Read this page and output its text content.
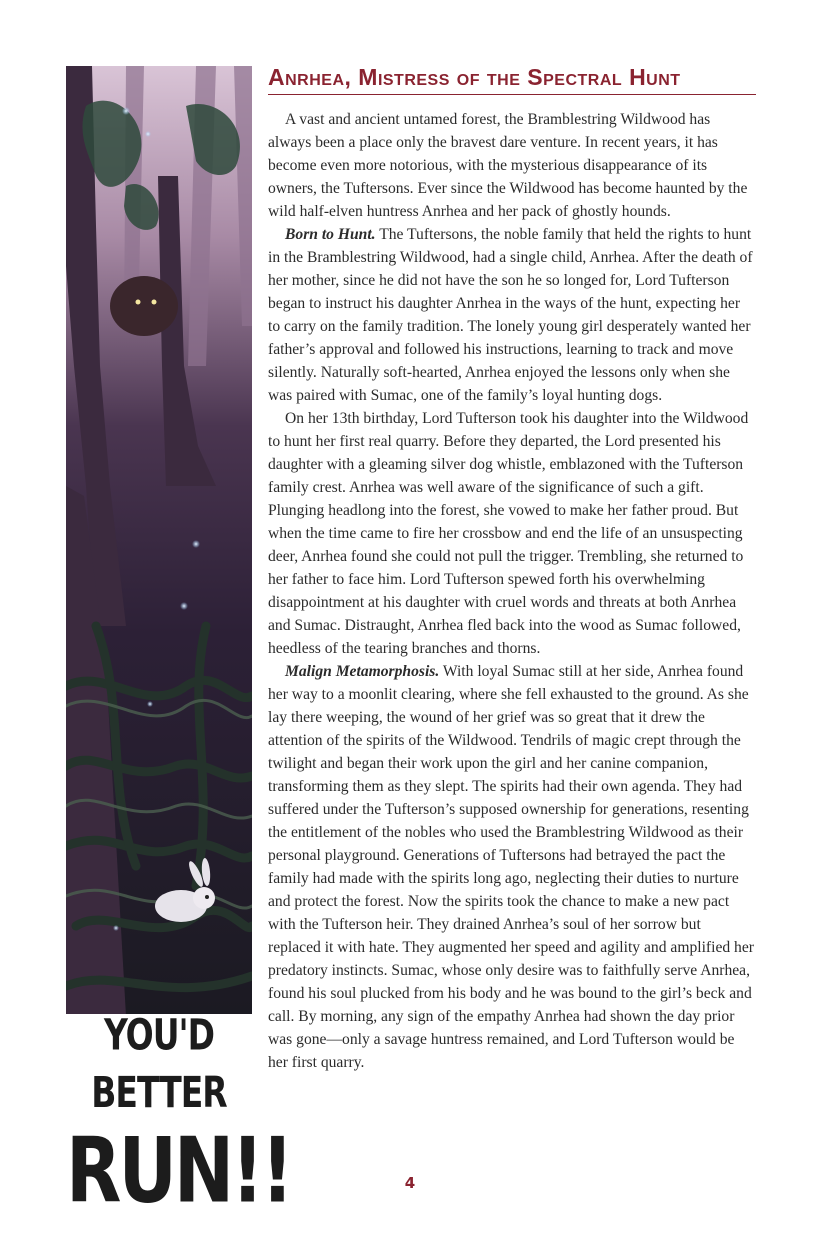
YOU'D BETTER
RUN!!
Anrhea, Mistress of the Spectral Hunt

A vast and ancient untamed forest, the Bramblestring Wildwood has always been a place only the bravest dare venture. In recent years, it has become even more notorious, with the mysterious disappearance of its owners, the Tuftersons. Ever since the Wildwood has become haunted by the wild half-elven huntress Anrhea and her pack of ghostly hounds.

Born to Hunt. The Tuftersons, the noble family that held the rights to hunt in the Bramblestring Wildwood, had a single child, Anrhea. After the death of her mother, since he did not have the son he so longed for, Lord Tufterson began to instruct his daughter Anrhea in the ways of the hunt, expecting her to carry on the family tradition. The lonely young girl desperately wanted her father’s approval and followed his instructions, learning to track and move silently. Naturally soft-hearted, Anrhea enjoyed the lessons only when she was paired with Sumac, one of the family’s loyal hunting dogs.

On her 13th birthday, Lord Tufterson took his daughter into the Wildwood to hunt her first real quarry. Before they departed, the Lord presented his daughter with a gleaming silver dog whistle, emblazoned with the Tufterson family crest. Anrhea was well aware of the significance of such a gift. Plunging headlong into the forest, she vowed to make her father proud. But when the time came to fire her crossbow and end the life of an unsuspecting deer, Anrhea found she could not pull the trigger. Trembling, she returned to her father to face him. Lord Tufterson spewed forth his overwhelming disappointment at his daughter with cruel words and threats at both Anrhea and Sumac. Distraught, Anrhea fled back into the wood as Sumac followed, heedless of the tearing branches and thorns.

Malign Metamorphosis. With loyal Sumac still at her side, Anrhea found her way to a moonlit clearing, where she fell exhausted to the ground. As she lay there weeping, the wound of her grief was so great that it drew the attention of the spirits of the Wildwood. Tendrils of magic crept through the twilight and began their work upon the girl and her canine companion, transforming them as they slept. The spirits had their own agenda. They had suffered under the Tufterson’s supposed ownership for generations, resenting the entitlement of the nobles who used the Bramblestring Wildwood as their personal playground. Generations of Tuftersons had betrayed the pact the family had made with the spirits long ago, neglecting their duties to nurture and protect the forest. Now the spirits took the chance to make a new pact with the Tufterson heir. They drained Anrhea’s soul of her sorrow but replaced it with hate. They augmented her speed and agility and amplified her predatory instincts. Sumac, whose only desire was to faithfully serve Anrhea, found his soul plucked from his body and he was bound to the girl’s beck and call. By morning, any sign of the empathy Anrhea had shown the day prior was gone—only a savage huntress remained, and Lord Tufterson would be her first quarry.

4
